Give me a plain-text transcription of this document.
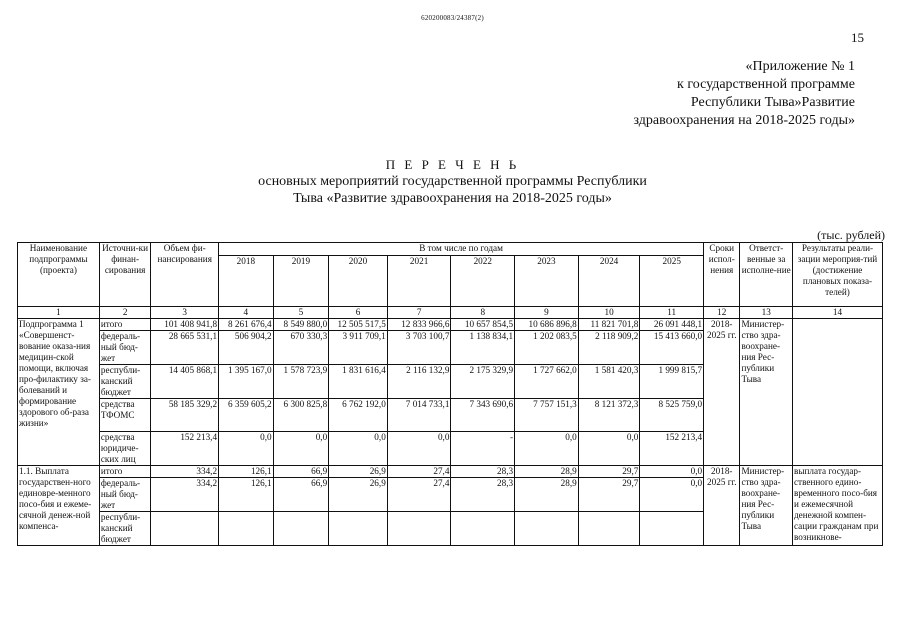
620200083/24387(2)
15
«Приложение № 1
к государственной программе
Республики Тыва»Развитие
здравоохранения на 2018-2025 годы»
П Е Р Е Ч Е Н Ь
основных мероприятий государственной программы Республики
Тыва «Развитие здравоохранения на 2018-2025 годы»
(тыс. рублей)
Наименование подпрограммы (проекта)	Источни-ки финан-сирования	Объем фи-нансирования	В том числе по годам								Сроки испол-нения	Ответст-венные за исполне-ние	Результаты реали-зации мероприя-тий (достижение плановых показа-телей)
			2018	2019	2020	2021	2022	2023	2024	2025			
1	2	3	4	5	6	7	8	9	10	11	12	13	14
Подпрограмма 1 «Совершенст-вование оказа-ния медицин-ской помощи, включая про-филактику за-болеваний и формирование здорового об-раза жизни»	итого	101 408 941,8	8 261 676,4	8 549 880,0	12 505 517,5	12 833 966,6	10 657 854,5	10 686 896,8	11 821 701,8	26 091 448,1	2018-2025 гг.	Министер-ство здра-воохране-ния Рес-публики Тыва	
	федераль-ный бюд-жет	28 665 531,1	506 904,2	670 330,3	3 911 709,1	3 703 100,7	1 138 834,1	1 202 083,5	2 118 909,2	15 413 660,0			
	республи-канский бюджет	14 405 868,1	1 395 167,0	1 578 723,9	1 831 616,4	2 116 132,9	2 175 329,9	1 727 662,0	1 581 420,3	1 999 815,7			
	средства ТФОМС	58 185 329,2	6 359 605,2	6 300 825,8	6 762 192,0	7 014 733,1	7 343 690,6	7 757 151,3	8 121 372,3	8 525 759,0			
	средства юридиче-ских лиц	152 213,4	0,0	0,0	0,0	0,0	-	0,0	0,0	152 213,4			
1.1. Выплата государствен-ного единовре-менного посо-бия и ежеме-сячной денеж-ной компенса-	итого	334,2	126,1	66,9	26,9	27,4	28,3	28,9	29,7	0,0	2018-2025 гг.	Министер-ство здра-воохране-ния Рес-публики Тыва	выплата государ-ственного едино-временного посо-бия и ежемесячной денежной компен-сации гражданам при возникнове-
	федераль-ный бюд-жет	334,2	126,1	66,9	26,9	27,4	28,3	28,9	29,7	0,0			
	республи-канский бюджет												
